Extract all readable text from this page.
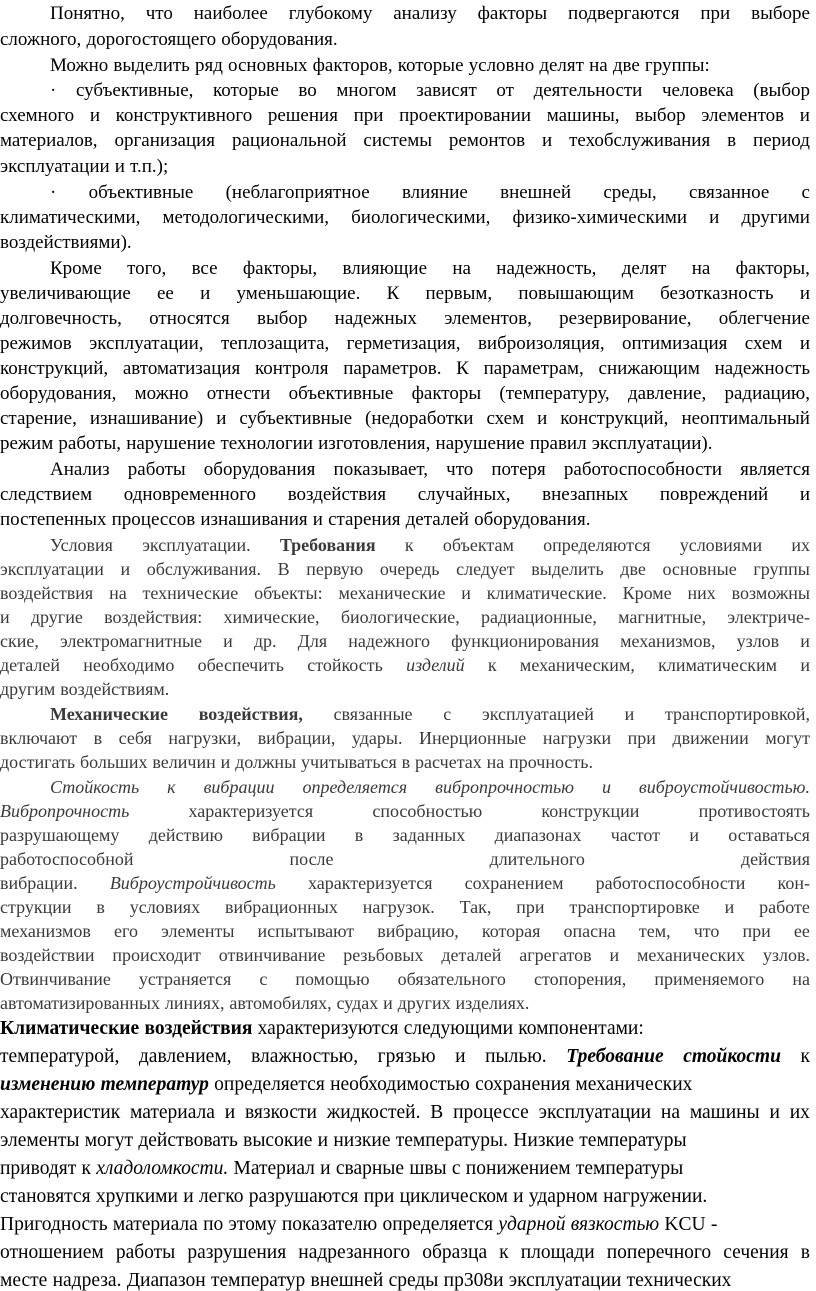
Понятно, что наиболее глубокому анализу факторы подвергаются при выборе
сложного, дорогостоящего оборудования.
Можно выделить ряд основных факторов, которые условно делят на две группы:
· субъективные, которые во многом зависят от деятельности человека (выбор
схемного и конструктивного решения при проектировании машины, выбор элементов и
материалов, организация рациональной системы ремонтов и техобслуживания в период
эксплуатации и т.п.);
· объективные (неблагоприятное влияние внешней среды, связанное с
климатическими, методологическими, биологическими, физико-химическими и другими
воздействиями).
Кроме того, все факторы, влияющие на надежность, делят на факторы,
увеличивающие ее и уменьшающие. К первым, повышающим безотказность и
долговечность, относятся выбор надежных элементов, резервирование, облегчение
режимов эксплуатации, теплозащита, герметизация, виброизоляция, оптимизация схем и
конструкций, автоматизация контроля параметров. К параметрам, снижающим надежность
оборудования, можно отнести объективные факторы (температуру, давление, радиацию,
старение, изнашивание) и субъективные (недоработки схем и конструкций, неоптимальный
режим работы, нарушение технологии изготовления, нарушение правил эксплуатации).
Анализ работы оборудования показывает, что потеря работоспособности является
следствием одновременного воздействия случайных, внезапных повреждений и
постепенных процессов изнашивания и старения деталей оборудования.
Условия эксплуатации. Требования к объектам определяются условиями их
эксплуатации и обслуживания. В первую очередь следует выделить две основные группы
воздействия на технические объекты: механические и климатические. Кроме них возможны
и другие воздействия: химические, биологические, радиационные, магнитные, электриче-
ские, электромагнитные и др. Для надежного функционирования механизмов, узлов и
деталей необходимо обеспечить стойкость изделий к механическим, климатическим и
другим воздействиям.
Механические воздействия, связанные с эксплуатацией и транспортировкой,
включают в себя нагрузки, вибрации, удары. Инерционные нагрузки при движении могут
достигать больших величин и должны учитываться в расчетах на прочность.
Стойкость к вибрации определяется вибропрочностью и виброустойчивостью.
Вибропрочность	характеризуется	способностью	конструкции	противостоять
разрушающему действию вибрации в заданных диапазонах частот и оставаться
работоспособной	после	длительного	действия
вибрации. Виброустройчивость характеризуется сохранением работоспособности кон-
струкции в условиях вибрационных нагрузок. Так, при транспортировке и работе
механизмов его элементы испытывают вибрацию, которая опасна тем, что при ее
воздействии происходит отвинчивание резьбовых деталей агрегатов и механических узлов.
Отвинчивание устраняется с помощью обязательного стопорения, применяемого на
автоматизированных линиях, автомобилях, судах и других изделиях.
Климатические воздействия характеризуются следующими компонентами:
температурой, давлением, влажностью, грязью и пылью. Требование стойкости к
изменению температур определяется необходимостью сохранения механических
характеристик материала и вязкости жидкостей. В процессе эксплуатации на машины и их
элементы могут действовать высокие и низкие температуры. Низкие температуры
приводят к хладоломкости. Материал и сварные швы с понижением температуры
становятся хрупкими и легко разрушаются при циклическом и ударном нагружении.
Пригодность материала по этому показателю определяется ударной вязкостью KCU -
отношением работы разрушения надрезанного образца к площади поперечного сечения в
месте надреза. Диапазон температур внешней среды пр308и эксплуатации технических
